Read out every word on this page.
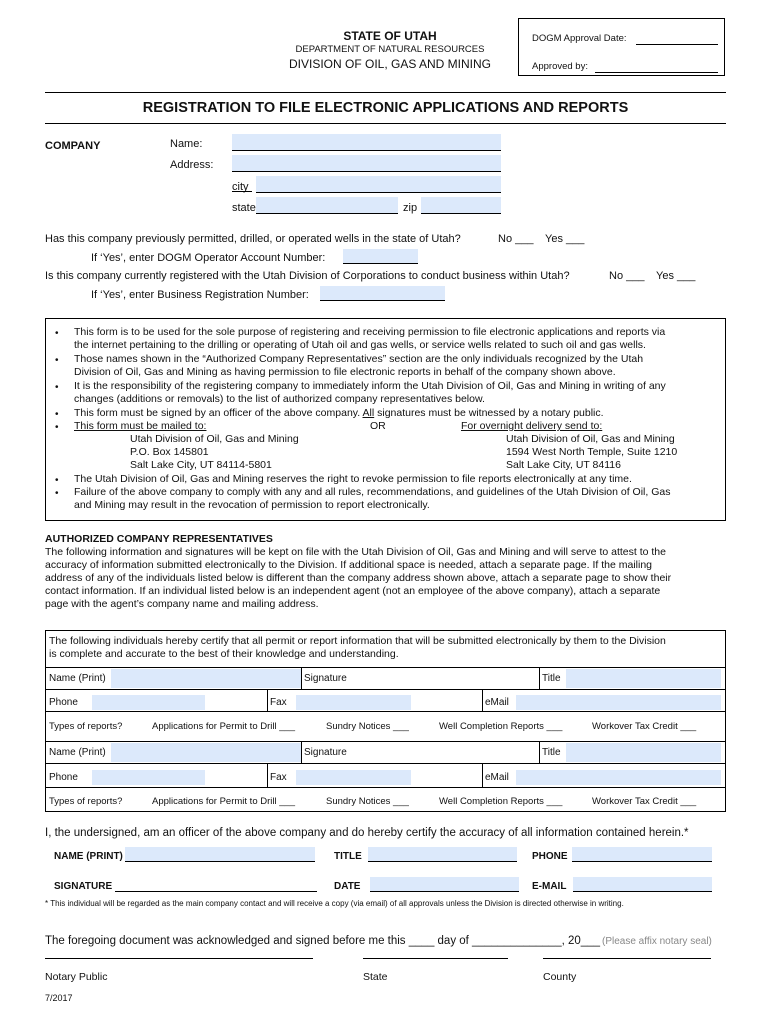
STATE OF UTAH
DEPARTMENT OF NATURAL RESOURCES
DIVISION OF OIL, GAS AND MINING
DOGM Approval Date:
Approved by:
REGISTRATION TO FILE ELECTRONIC APPLICATIONS AND REPORTS
COMPANY	Name:
Address:
city
state	zip
Has this company previously permitted, drilled, or operated wells in the state of Utah?	No ___ Yes ___
If ‘Yes’, enter DOGM Operator Account Number:
Is this company currently registered with the Utah Division of Corporations to conduct business within Utah?	No ___ Yes ___
If ‘Yes’, enter Business Registration Number:
• This form is to be used for the sole purpose of registering and receiving permission to file electronic applications and reports via
the internet pertaining to the drilling or operating of Utah oil and gas wells, or service wells related to such oil and gas wells.
• Those names shown in the “Authorized Company Representatives” section are the only individuals recognized by the Utah
Division of Oil, Gas and Mining as having permission to file electronic reports in behalf of the company shown above.
• It is the responsibility of the registering company to immediately inform the Utah Division of Oil, Gas and Mining in writing of any
changes (additions or removals) to the list of authorized company representatives below.
• This form must be signed by an officer of the above company. All signatures must be witnessed by a notary public.
• This form must be mailed to:	OR	For overnight delivery send to:
Utah Division of Oil, Gas and Mining
P.O. Box 145801
Salt Lake City, UT 84114-5801
Utah Division of Oil, Gas and Mining
1594 West North Temple, Suite 1210
Salt Lake City, UT 84116
• The Utah Division of Oil, Gas and Mining reserves the right to revoke permission to file reports electronically at any time.
• Failure of the above company to comply with any and all rules, recommendations, and guidelines of the Utah Division of Oil, Gas
and Mining may result in the revocation of permission to report electronically.
AUTHORIZED COMPANY REPRESENTATIVES
The following information and signatures will be kept on file with the Utah Division of Oil, Gas and Mining and will serve to attest to the
accuracy of information submitted electronically to the Division. If additional space is needed, attach a separate page. If the mailing
address of any of the individuals listed below is different than the company address shown above, attach a separate page to show their
contact information. If an individual listed below is an independent agent (not an employee of the above company), attach a separate
page with the agent’s company name and mailing address.
The following individuals hereby certify that all permit or report information that will be submitted electronically by them to the Division
is complete and accurate to the best of their knowledge and understanding.
Name (Print)	Signature	Title
Phone	Fax	eMail
Types of reports?	Applications for Permit to Drill ___	Sundry Notices ___	Well Completion Reports ___	Workover Tax Credit ___
Name (Print)	Signature	Title
Phone	Fax	eMail
Types of reports?	Applications for Permit to Drill ___	Sundry Notices ___	Well Completion Reports ___	Workover Tax Credit ___
I, the undersigned, am an officer of the above company and do hereby certify the accuracy of all information contained herein.*
NAME (PRINT)	TITLE	PHONE
SIGNATURE	DATE	E-MAIL
* This individual will be regarded as the main company contact and will receive a copy (via email) of all approvals unless the Division is directed otherwise in writing.
The foregoing document was acknowledged and signed before me this ____ day of ______________, 20___ (Please affix notary seal)
Notary Public	State	County
7/2017
